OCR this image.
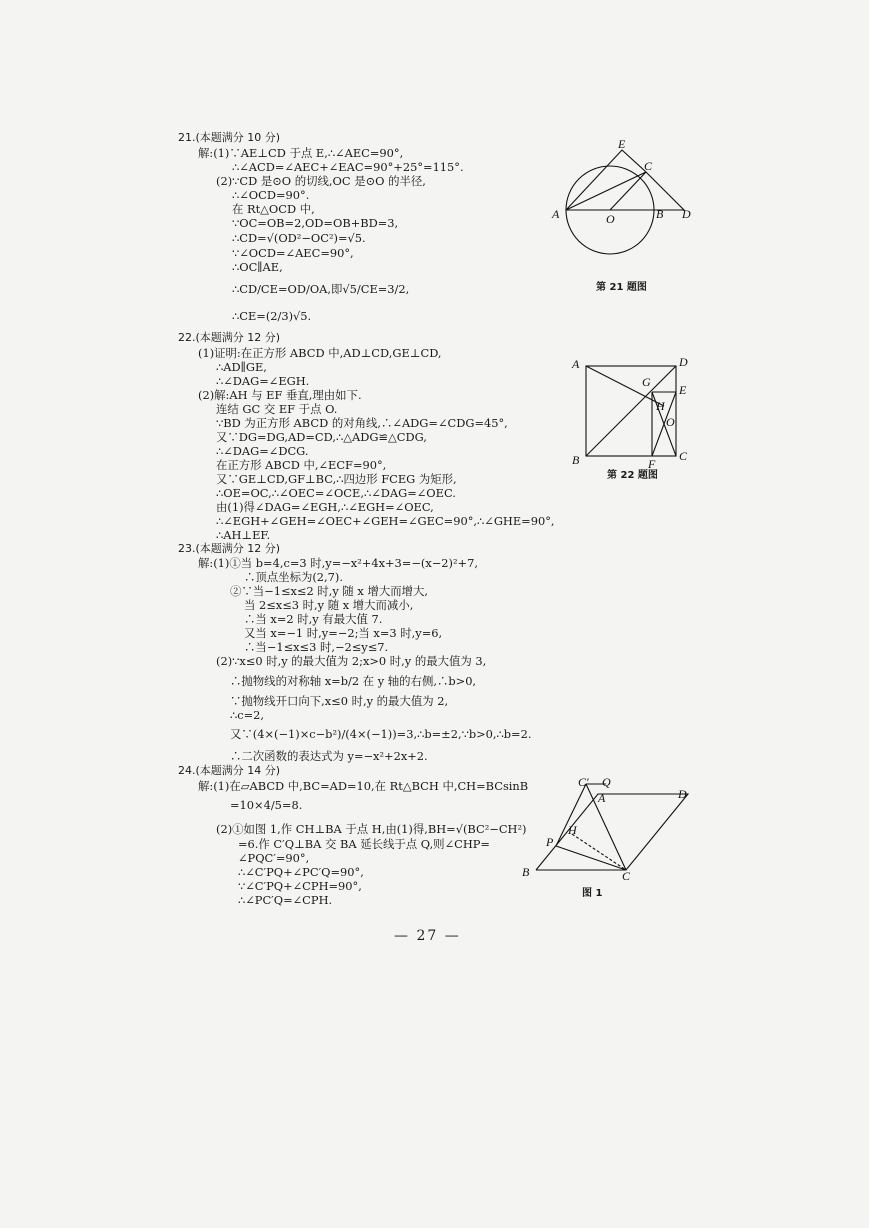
21.(本题满分 10 分)
解:(1)∵AE⊥CD 于点 E,∴∠AEC=90°,
∴∠ACD=∠AEC+∠EAC=90°+25°=115°.
(2)∵CD 是⊙O 的切线,OC 是⊙O 的半径,
∴∠OCD=90°.
在 Rt△OCD 中,
∵OC=OB=2,OD=OB+BD=3,
∴CD=√(OD²−OC²)=√5.
∵∠OCD=∠AEC=90°,
∴OC∥AE,
∴CD/CE=OD/OA,即√5/CE=3/2,
∴CE=(2/3)√5.
22.(本题满分 12 分)
(1)证明:在正方形 ABCD 中,AD⊥CD,GE⊥CD,
∴AD∥GE,
∴∠DAG=∠EGH.
(2)解:AH 与 EF 垂直,理由如下.
连结 GC 交 EF 于点 O.
∵BD 为正方形 ABCD 的对角线,∴∠ADG=∠CDG=45°,
又∵DG=DG,AD=CD,∴△ADG≌△CDG,
∴∠DAG=∠DCG.
在正方形 ABCD 中,∠ECF=90°,
又∵GE⊥CD,GF⊥BC,∴四边形 FCEG 为矩形,
∴OE=OC,∴∠OEC=∠OCE,∴∠DAG=∠OEC.
由(1)得∠DAG=∠EGH,∴∠EGH=∠OEC,
∴∠EGH+∠GEH=∠OEC+∠GEH=∠GEC=90°,∴∠GHE=90°,
∴AH⊥EF.
23.(本题满分 12 分)
解:(1)①当 b=4,c=3 时,y=−x²+4x+3=−(x−2)²+7,
∴顶点坐标为(2,7).
②∵当−1≤x≤2 时,y 随 x 增大而增大,
当 2≤x≤3 时,y 随 x 增大而减小,
∴当 x=2 时,y 有最大值 7.
又当 x=−1 时,y=−2;当 x=3 时,y=6,
∴当−1≤x≤3 时,−2≤y≤7.
(2)∵x≤0 时,y 的最大值为 2;x>0 时,y 的最大值为 3,
∴抛物线的对称轴 x=b/2 在 y 轴的右侧,∴b>0,
∵抛物线开口向下,x≤0 时,y 的最大值为 2,
∴c=2,
又∵(4×(−1)×c−b²)/(4×(−1))=3,∴b=±2,∵b>0,∴b=2.
∴二次函数的表达式为 y=−x²+2x+2.
24.(本题满分 14 分)
解:(1)在▱ABCD 中,BC=AD=10,在 Rt△BCH 中,CH=BCsinB
=10×4/5=8.
(2)①如图 1,作 CH⊥BA 于点 H,由(1)得,BH=√(BC²−CH²)
=6.作 C′Q⊥BA 交 BA 延长线于点 Q,则∠CHP=
∠PQC′=90°,
∴∠C′PQ+∠PC′Q=90°,
∵∠C′PQ+∠CPH=90°,
∴∠PC′Q=∠CPH.
E
C
A	O	B D
第 21 题图
A	D
G
E
H
O
B	F
C
第 22 题图
C′ Q
A	D
H
P
B	C
图 1
— 27 —
